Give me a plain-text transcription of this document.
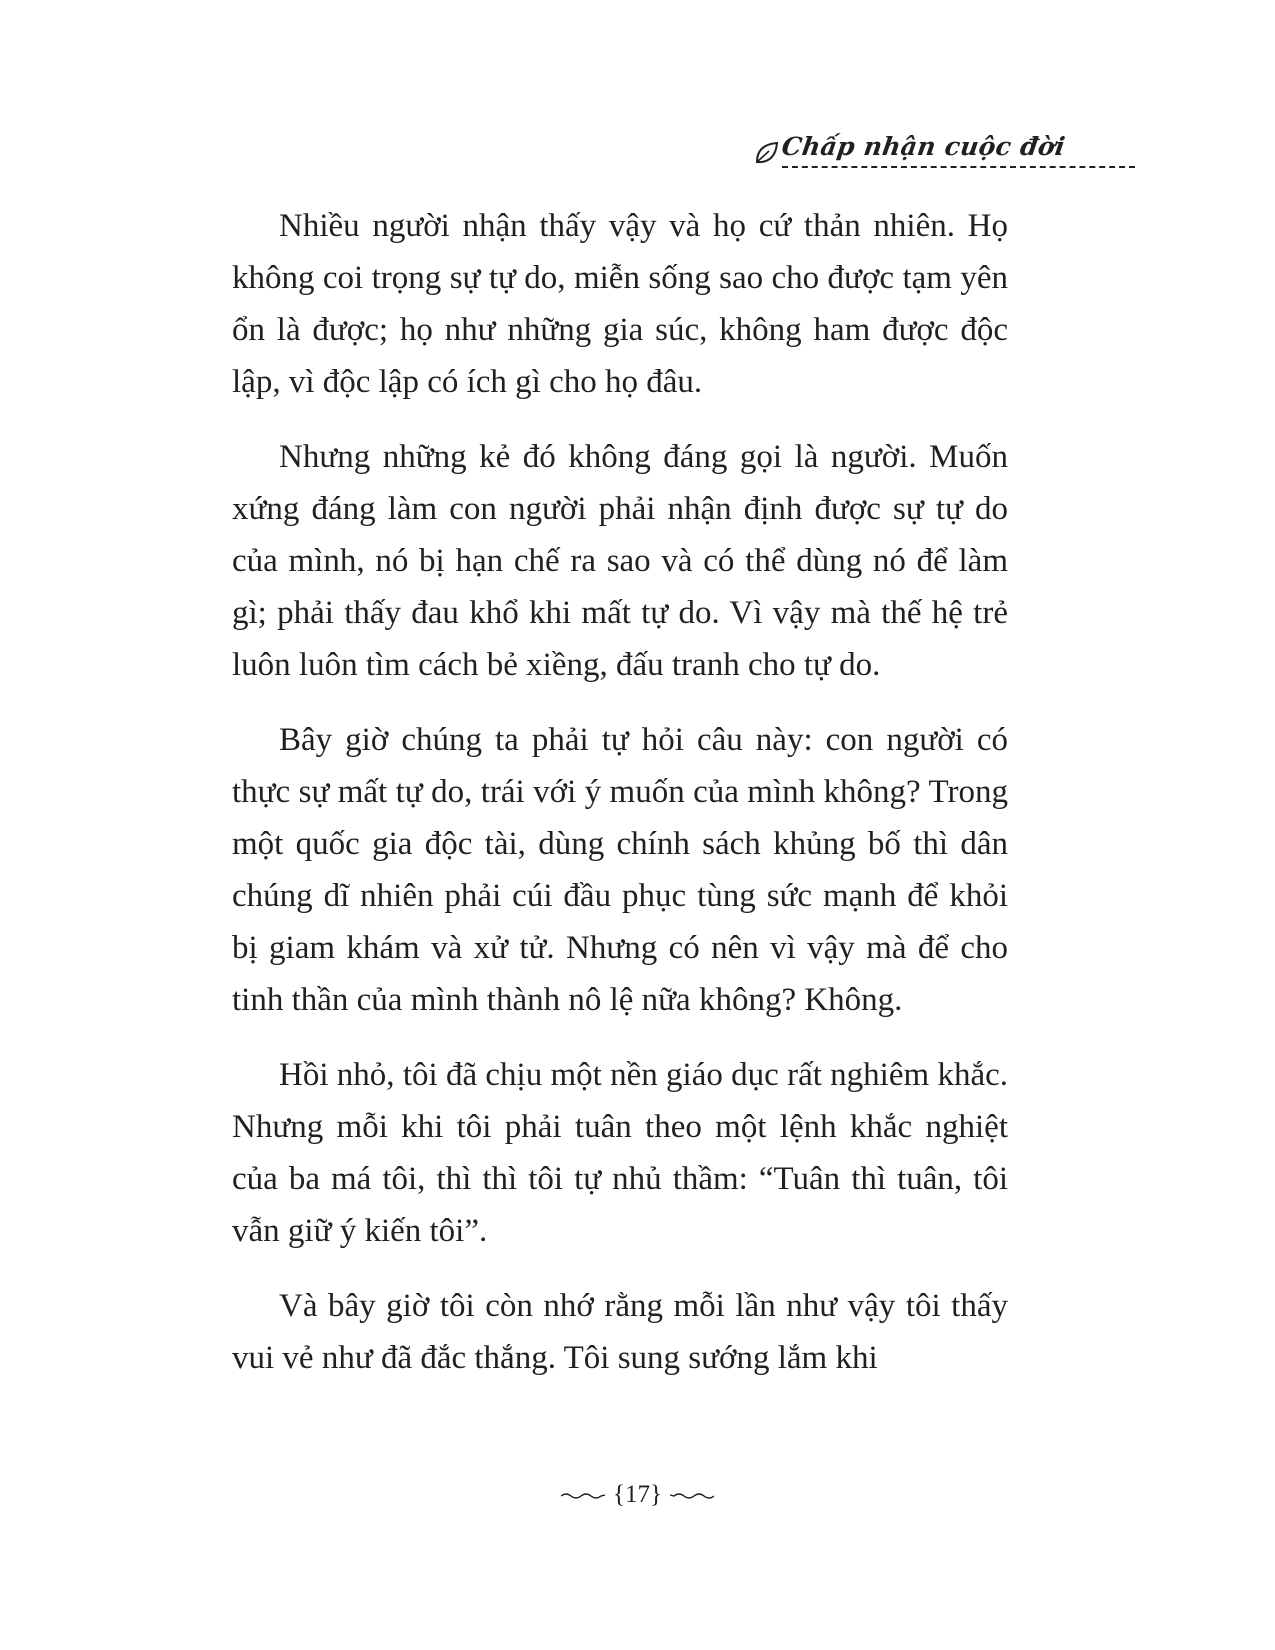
Chấp nhận cuộc đời

Nhiều người nhận thấy vậy và họ cứ thản nhiên. Họ không coi trọng sự tự do, miễn sống sao cho được tạm yên ổn là được; họ như những gia súc, không ham được độc lập, vì độc lập có ích gì cho họ đâu.

Nhưng những kẻ đó không đáng gọi là người. Muốn xứng đáng làm con người phải nhận định được sự tự do của mình, nó bị hạn chế ra sao và có thể dùng nó để làm gì; phải thấy đau khổ khi mất tự do. Vì vậy mà thế hệ trẻ luôn luôn tìm cách bẻ xiềng, đấu tranh cho tự do.

Bây giờ chúng ta phải tự hỏi câu này: con người có thực sự mất tự do, trái với ý muốn của mình không? Trong một quốc gia độc tài, dùng chính sách khủng bố thì dân chúng dĩ nhiên phải cúi đầu phục tùng sức mạnh để khỏi bị giam khám và xử tử. Nhưng có nên vì vậy mà để cho tinh thần của mình thành nô lệ nữa không? Không.

Hồi nhỏ, tôi đã chịu một nền giáo dục rất nghiêm khắc. Nhưng mỗi khi tôi phải tuân theo một lệnh khắc nghiệt của ba má tôi, thì thì tôi tự nhủ thầm: “Tuân thì tuân, tôi vẫn giữ ý kiến tôi”.

Và bây giờ tôi còn nhớ rằng mỗi lần như vậy tôi thấy vui vẻ như đã đắc thắng. Tôi sung sướng lắm khi

{17}
